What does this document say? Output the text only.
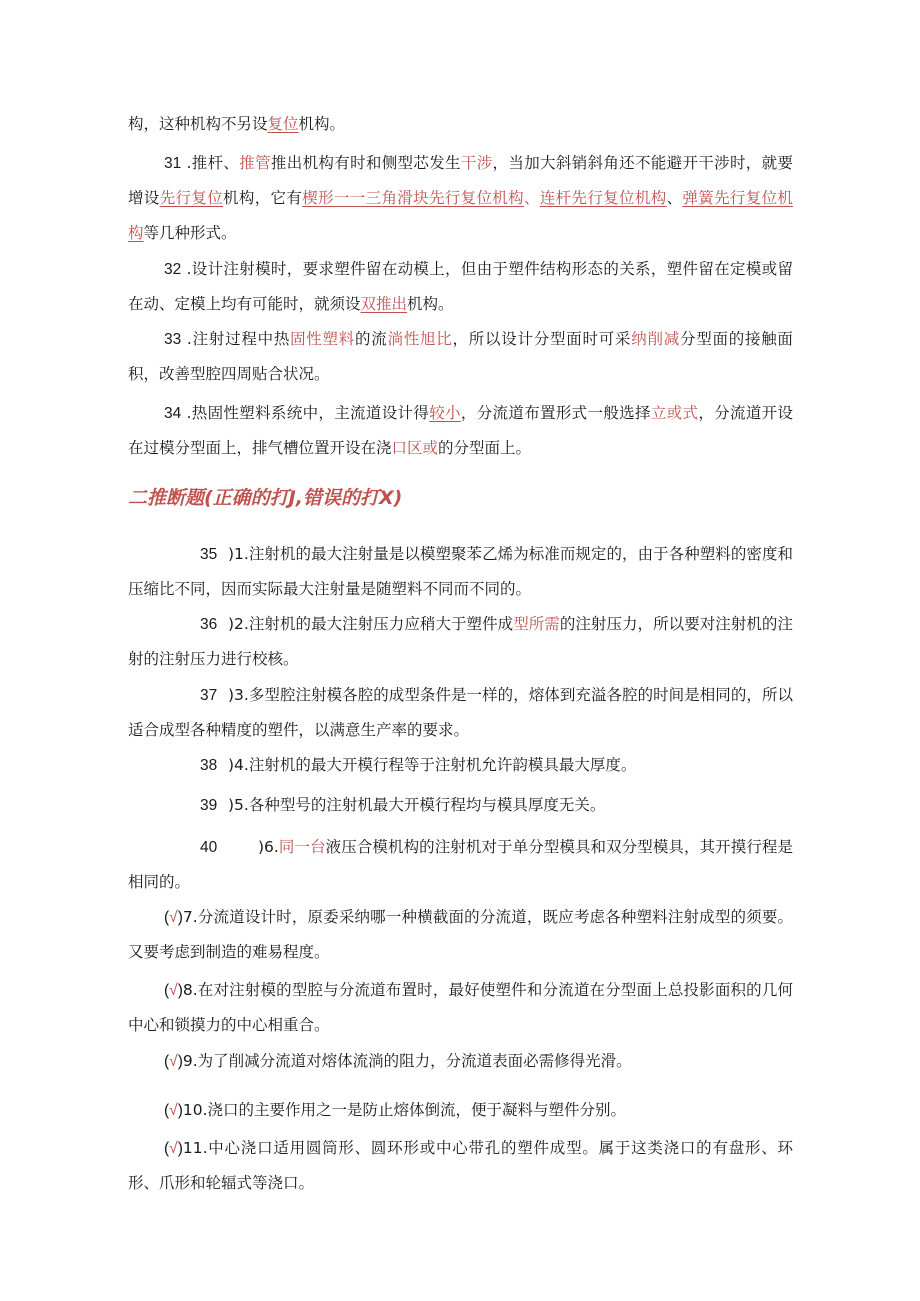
构，这种机构不另设复位机构。

31 .推杆、推管推出机构有时和侧型芯发生干涉，当加大斜销斜角还不能避开干涉时，就要增设先行复位机构，它有楔形一一三角滑块先行复位机构、连杆先行复位机构、弹簧先行复位机构等几种形式。

32 .设计注射模时，要求塑件留在动模上，但由于塑件结构形态的关系，塑件留在定模或留在动、定模上均有可能时，就须设双推出机构。

33 .注射过程中热固性塑料的流淌性旭比，所以设计分型面时可采纳削减分型面的接触面积，改善型腔四周贴合状况。

34 .热固性塑料系统中，主流道设计得较小，分流道布置形式一般选择立或式，分流道开设在过模分型面上，排气槽位置开设在浇口区或的分型面上。

二推断题(正确的打J,错误的打X)

35 )1.注射机的最大注射量是以模塑聚苯乙烯为标准而规定的，由于各种塑料的密度和压缩比不同，因而实际最大注射量是随塑料不同而不同的。

36 )2.注射机的最大注射压力应稍大于塑件成型所需的注射压力，所以要对注射机的注射的注射压力进行校核。

37 )3.多型腔注射模各腔的成型条件是一样的，熔体到充溢各腔的时间是相同的，所以适合成型各种精度的塑件，以满意生产率的要求。

38 )4.注射机的最大开模行程等于注射机允许韵模具最大厚度。

39 )5.各种型号的注射机最大开模行程均与模具厚度无关。

40	)6.同一台液压合模机构的注射机对于单分型模具和双分型模具，其开摸行程是相同的。

(√)7.分流道设计时，原委采纳哪一种横截面的分流道，既应考虑各种塑料注射成型的须要。又要考虑到制造的难易程度。

(√)8.在对注射模的型腔与分流道布置时，最好使塑件和分流道在分型面上总投影面积的几何中心和锁摸力的中心相重合。

(√)9.为了削减分流道对熔体流淌的阻力，分流道表面必需修得光滑。

(√)10.浇口的主要作用之一是防止熔体倒流，便于凝料与塑件分别。

(√)11.中心浇口适用圆筒形、圆环形或中心带孔的塑件成型。属于这类浇口的有盘形、环形、爪形和轮辐式等浇口。
